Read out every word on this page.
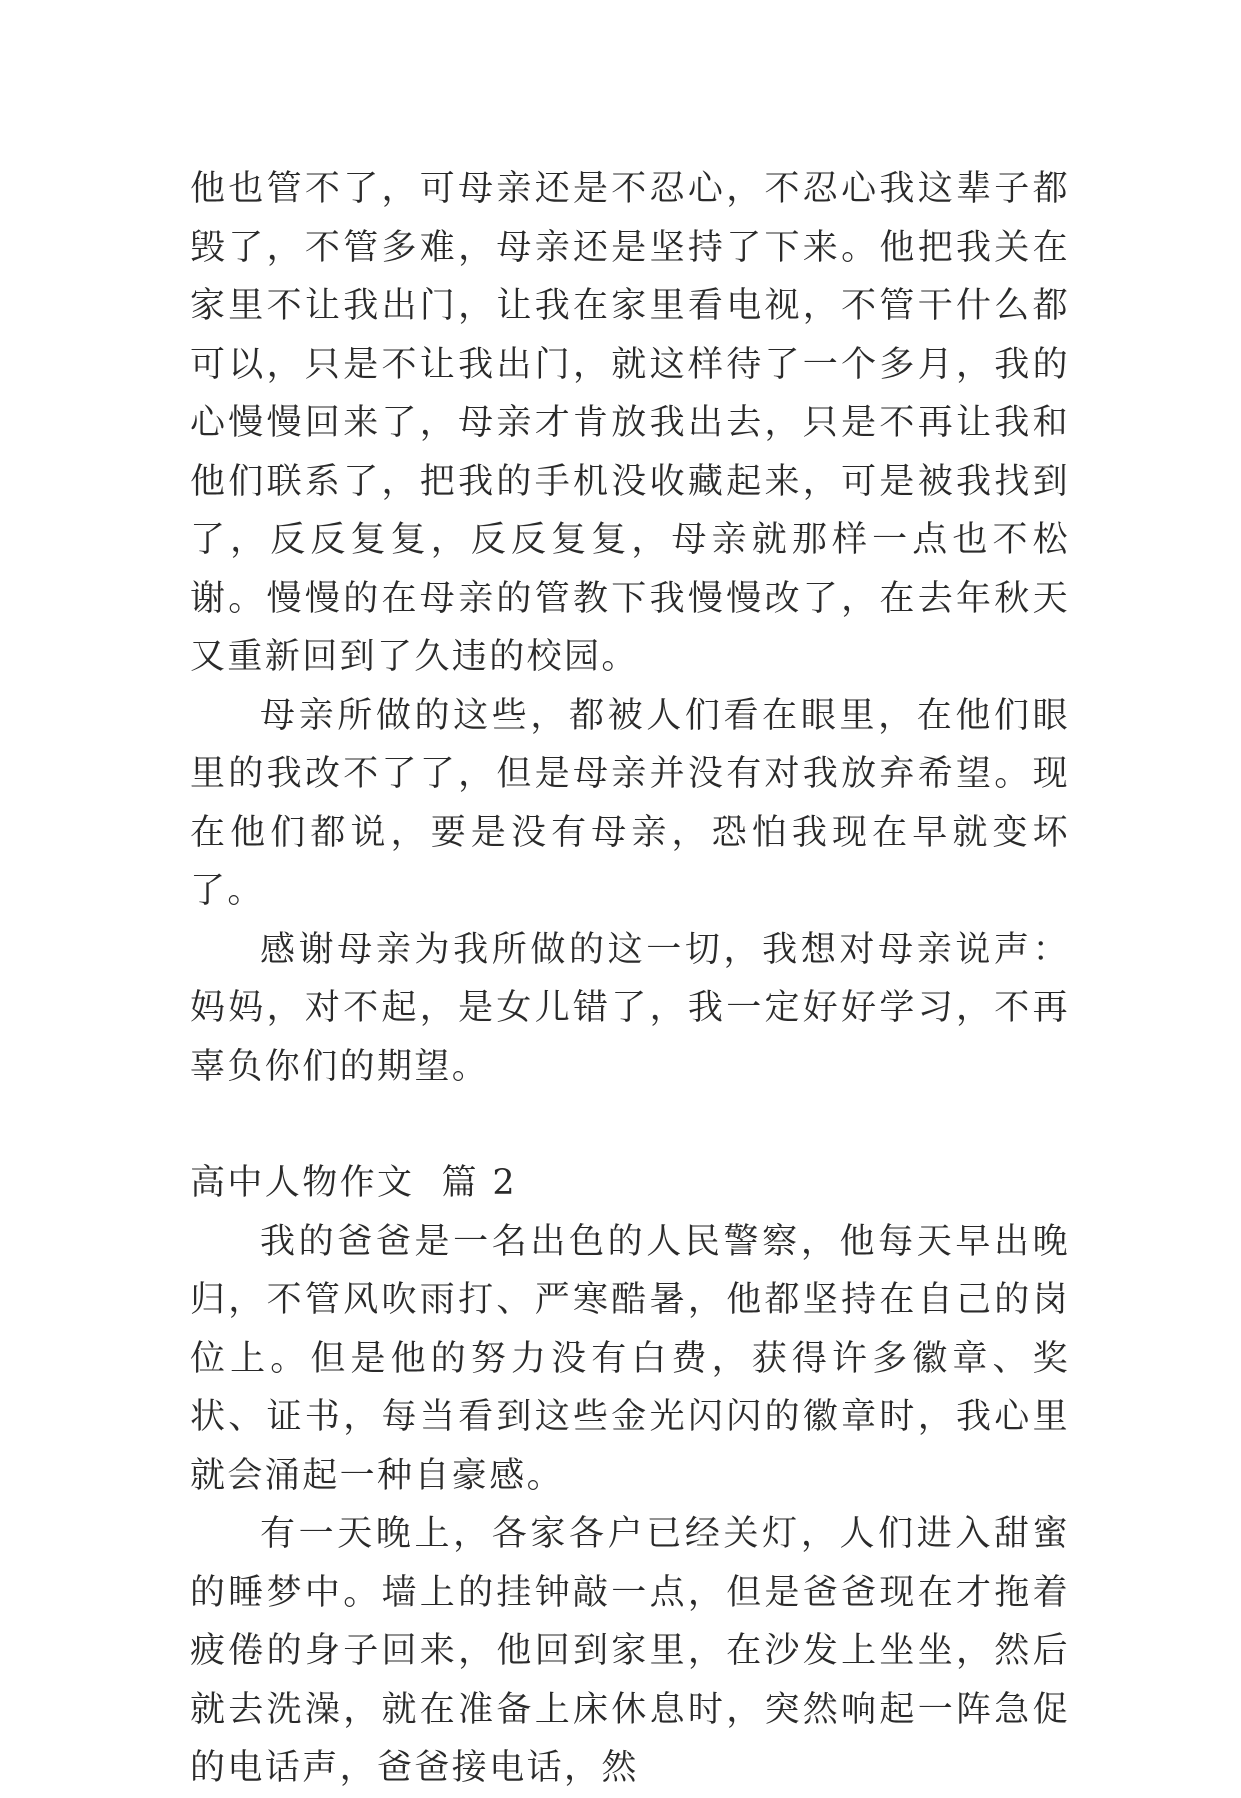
他也管不了，可母亲还是不忍心，不忍心我这辈子都毁了，不管多难，母亲还是坚持了下来。他把我关在家里不让我出门，让我在家里看电视，不管干什么都可以，只是不让我出门，就这样待了一个多月，我的心慢慢回来了，母亲才肯放我出去，只是不再让我和他们联系了，把我的手机没收藏起来，可是被我找到了，反反复复，反反复复，母亲就那样一点也不松谢。慢慢的在母亲的管教下我慢慢改了，在去年秋天又重新回到了久违的校园。

母亲所做的这些，都被人们看在眼里，在他们眼里的我改不了了，但是母亲并没有对我放弃希望。现在他们都说，要是没有母亲，恐怕我现在早就变坏了。

感谢母亲为我所做的这一切，我想对母亲说声：妈妈，对不起，是女儿错了，我一定好好学习，不再辜负你们的期望。

高中人物作文  篇 2

我的爸爸是一名出色的人民警察，他每天早出晚归，不管风吹雨打、严寒酷暑，他都坚持在自己的岗位上。但是他的努力没有白费，获得许多徽章、奖状、证书，每当看到这些金光闪闪的徽章时，我心里就会涌起一种自豪感。

有一天晚上，各家各户已经关灯，人们进入甜蜜的睡梦中。墙上的挂钟敲一点，但是爸爸现在才拖着疲倦的身子回来，他回到家里，在沙发上坐坐，然后就去洗澡，就在准备上床休息时，突然响起一阵急促的电话声，爸爸接电话，然
